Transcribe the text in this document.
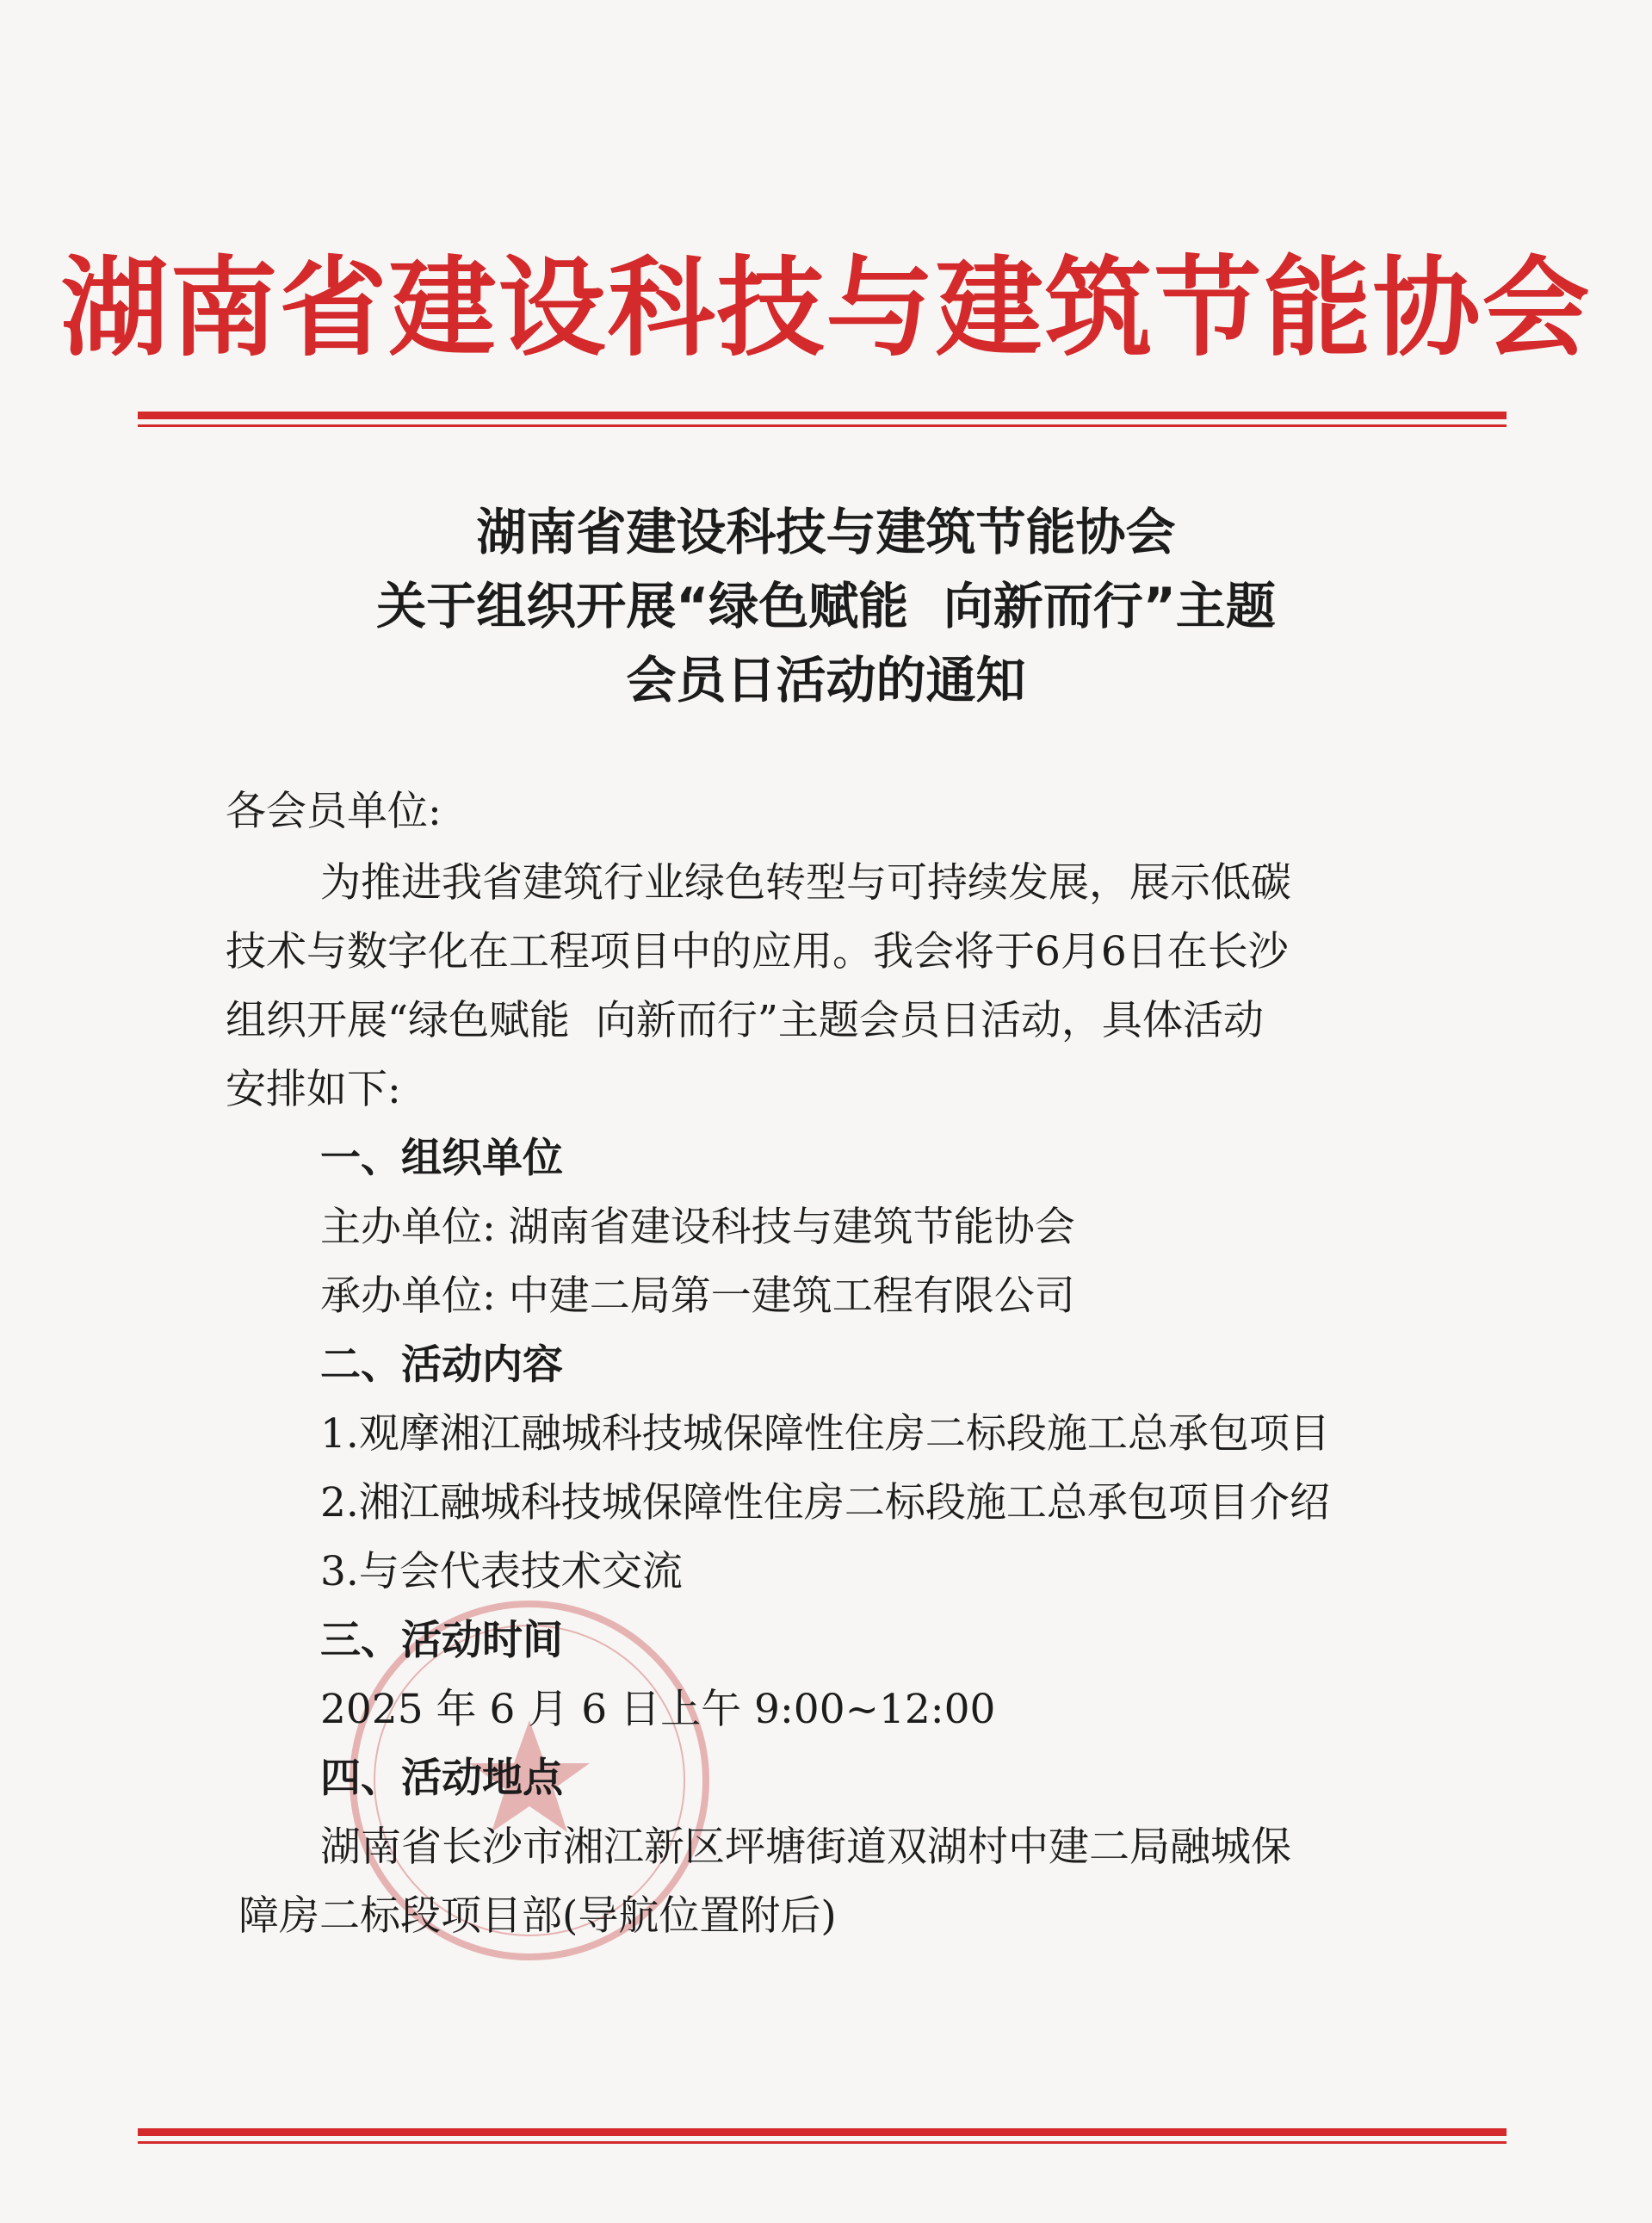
湖南省建设科技与建筑节能协会
湖南省建设科技与建筑节能协会
关于组织开展“绿色赋能  向新而行”主题
会员日活动的通知
各会员单位:
为推进我省建筑行业绿色转型与可持续发展，展示低碳
技术与数字化在工程项目中的应用。我会将于6月6日在长沙
组织开展“绿色赋能  向新而行”主题会员日活动，具体活动
安排如下:
一、组织单位
主办单位: 湖南省建设科技与建筑节能协会
承办单位: 中建二局第一建筑工程有限公司
二、活动内容
1.观摩湘江融城科技城保障性住房二标段施工总承包项目
2.湘江融城科技城保障性住房二标段施工总承包项目介绍
3.与会代表技术交流
三、活动时间
2025 年 6 月 6 日上午 9:00~12:00
四、活动地点
湖南省长沙市湘江新区坪塘街道双湖村中建二局融城保
障房二标段项目部(导航位置附后)
